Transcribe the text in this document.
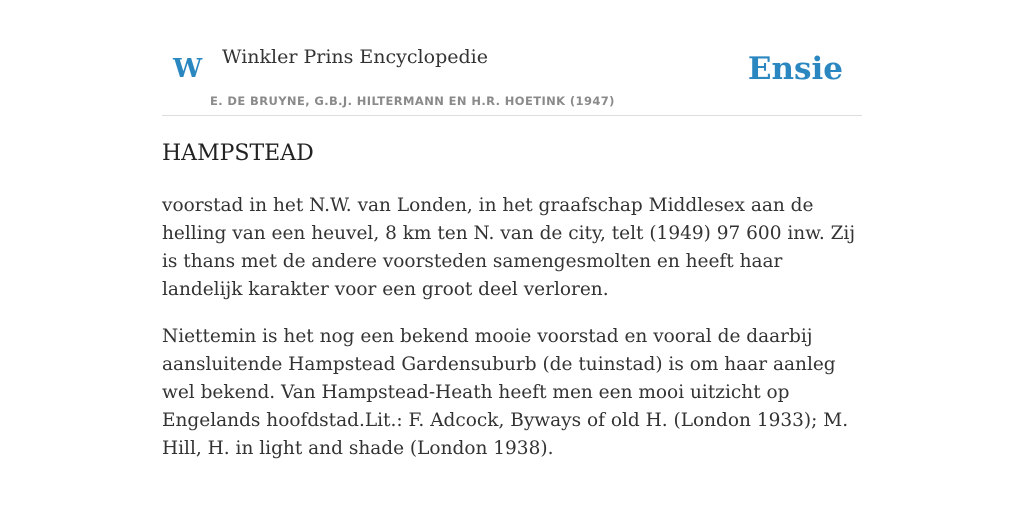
W Winkler Prins Encyclopedie	Ensie
E. DE BRUYNE, G.B.J. HILTERMANN EN H.R. HOETINK (1947)
HAMPSTEAD

voorstad in het N.W. van Londen, in het graafschap Middlesex aan de helling van een heuvel, 8 km ten N. van de city, telt (1949) 97 600 inw. Zij is thans met de andere voorsteden samengesmolten en heeft haar landelijk karakter voor een groot deel verloren.

Niettemin is het nog een bekend mooie voorstad en vooral de daarbij aansluitende Hampstead Gardensuburb (de tuinstad) is om haar aanleg wel bekend. Van Hampstead-Heath heeft men een mooi uitzicht op Engelands hoofdstad.Lit.: F. Adcock, Byways of old H. (London 1933); M. Hill, H. in light and shade (London 1938).
